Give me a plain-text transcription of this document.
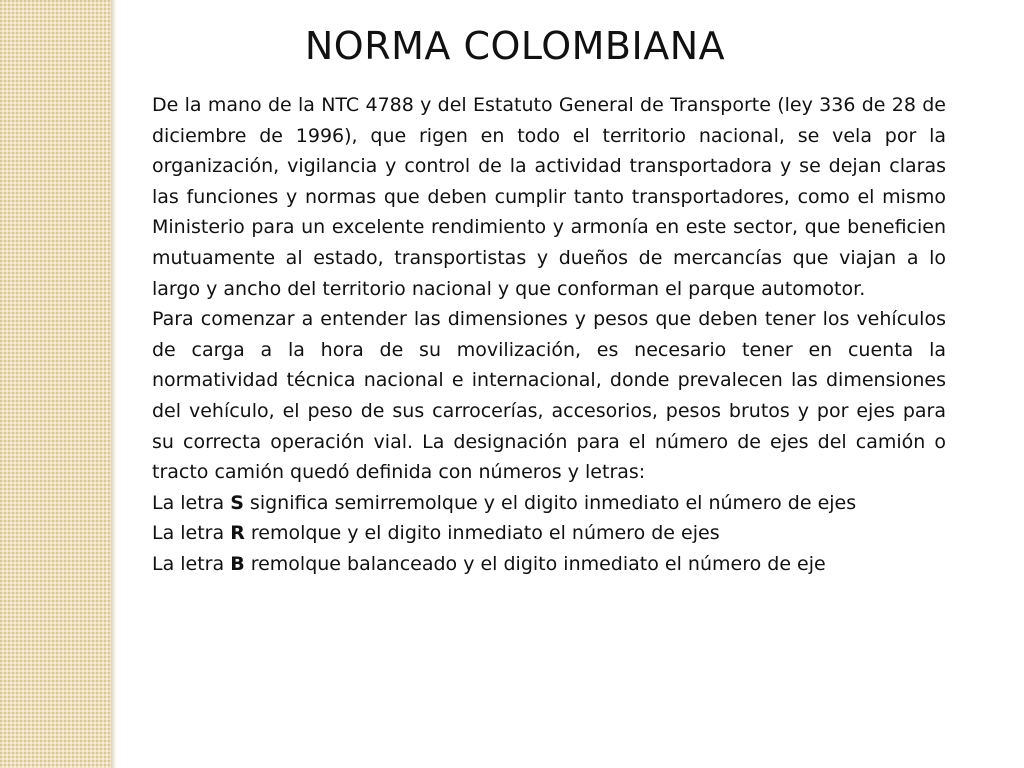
NORMA COLOMBIANA

De la mano de la NTC 4788 y del Estatuto General de Transporte (ley 336 de 28 de diciembre de 1996), que rigen en todo el territorio nacional, se vela por la organización, vigilancia y control de la actividad transportadora y se dejan claras las funciones y normas que deben cumplir tanto transportadores, como el mismo Ministerio para un excelente rendimiento y armonía en este sector, que beneficien mutuamente al estado, transportistas y dueños de mercancías que viajan a lo largo y ancho del territorio nacional y que conforman el parque automotor.

Para comenzar a entender las dimensiones y pesos que deben tener los vehículos de carga a la hora de su movilización, es necesario tener en cuenta la normatividad técnica nacional e internacional, donde prevalecen las dimensiones del vehículo, el peso de sus carrocerías, accesorios, pesos brutos y por ejes para su correcta operación vial. La designación para el número de ejes del camión o tracto camión quedó definida con números y letras:

La letra S significa semirremolque y el digito inmediato el número de ejes

La letra R remolque y el digito inmediato el número de ejes

La letra B remolque balanceado y el digito inmediato el número de eje
